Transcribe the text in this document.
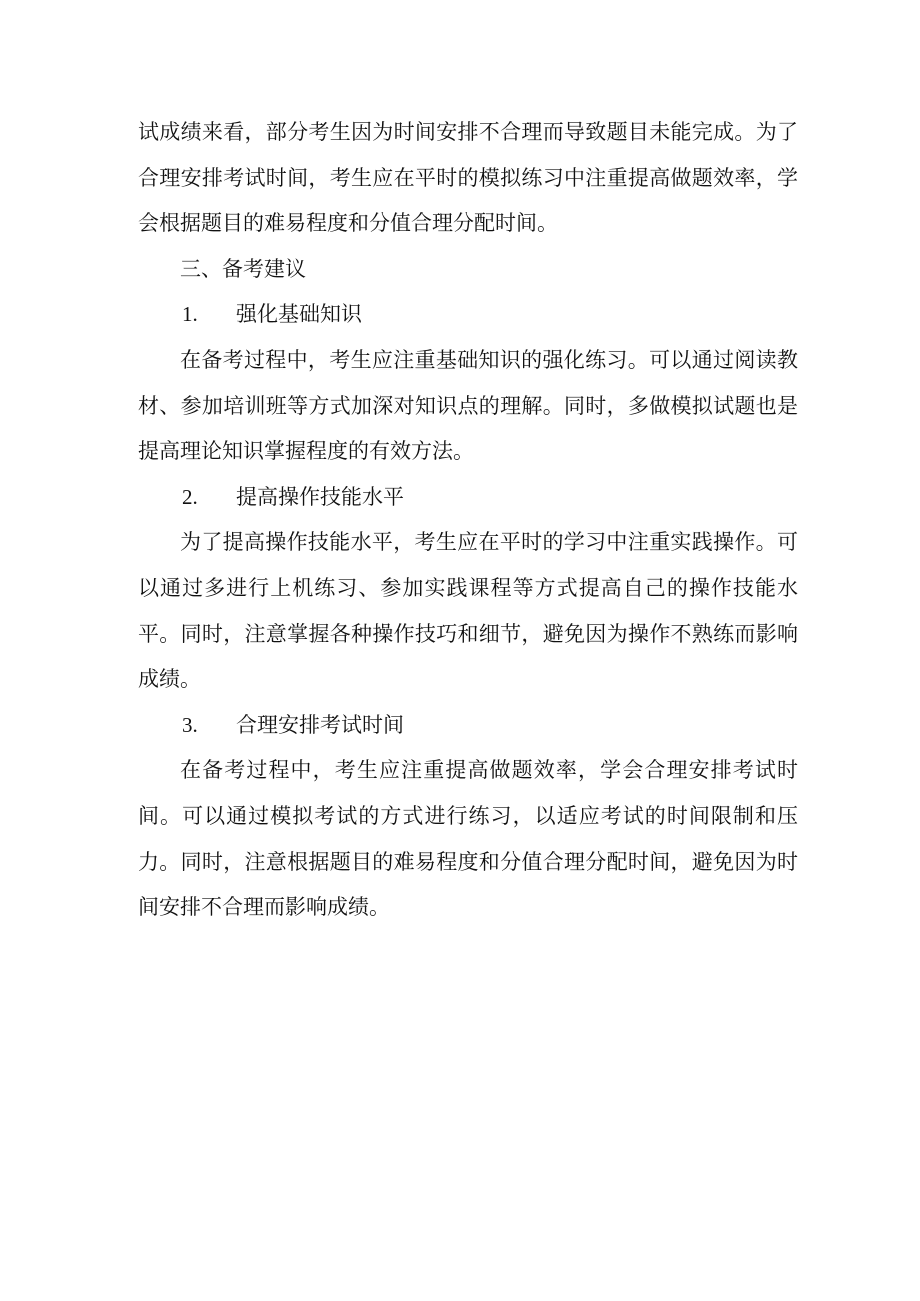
试成绩来看，部分考生因为时间安排不合理而导致题目未能完成。为了合理安排考试时间，考生应在平时的模拟练习中注重提高做题效率，学会根据题目的难易程度和分值合理分配时间。

三、备考建议

1.	强化基础知识

在备考过程中，考生应注重基础知识的强化练习。可以通过阅读教材、参加培训班等方式加深对知识点的理解。同时，多做模拟试题也是提高理论知识掌握程度的有效方法。

2.	提高操作技能水平

为了提高操作技能水平，考生应在平时的学习中注重实践操作。可以通过多进行上机练习、参加实践课程等方式提高自己的操作技能水平。同时，注意掌握各种操作技巧和细节，避免因为操作不熟练而影响成绩。

3.	合理安排考试时间

在备考过程中，考生应注重提高做题效率，学会合理安排考试时间。可以通过模拟考试的方式进行练习，以适应考试的时间限制和压力。同时，注意根据题目的难易程度和分值合理分配时间，避免因为时间安排不合理而影响成绩。
